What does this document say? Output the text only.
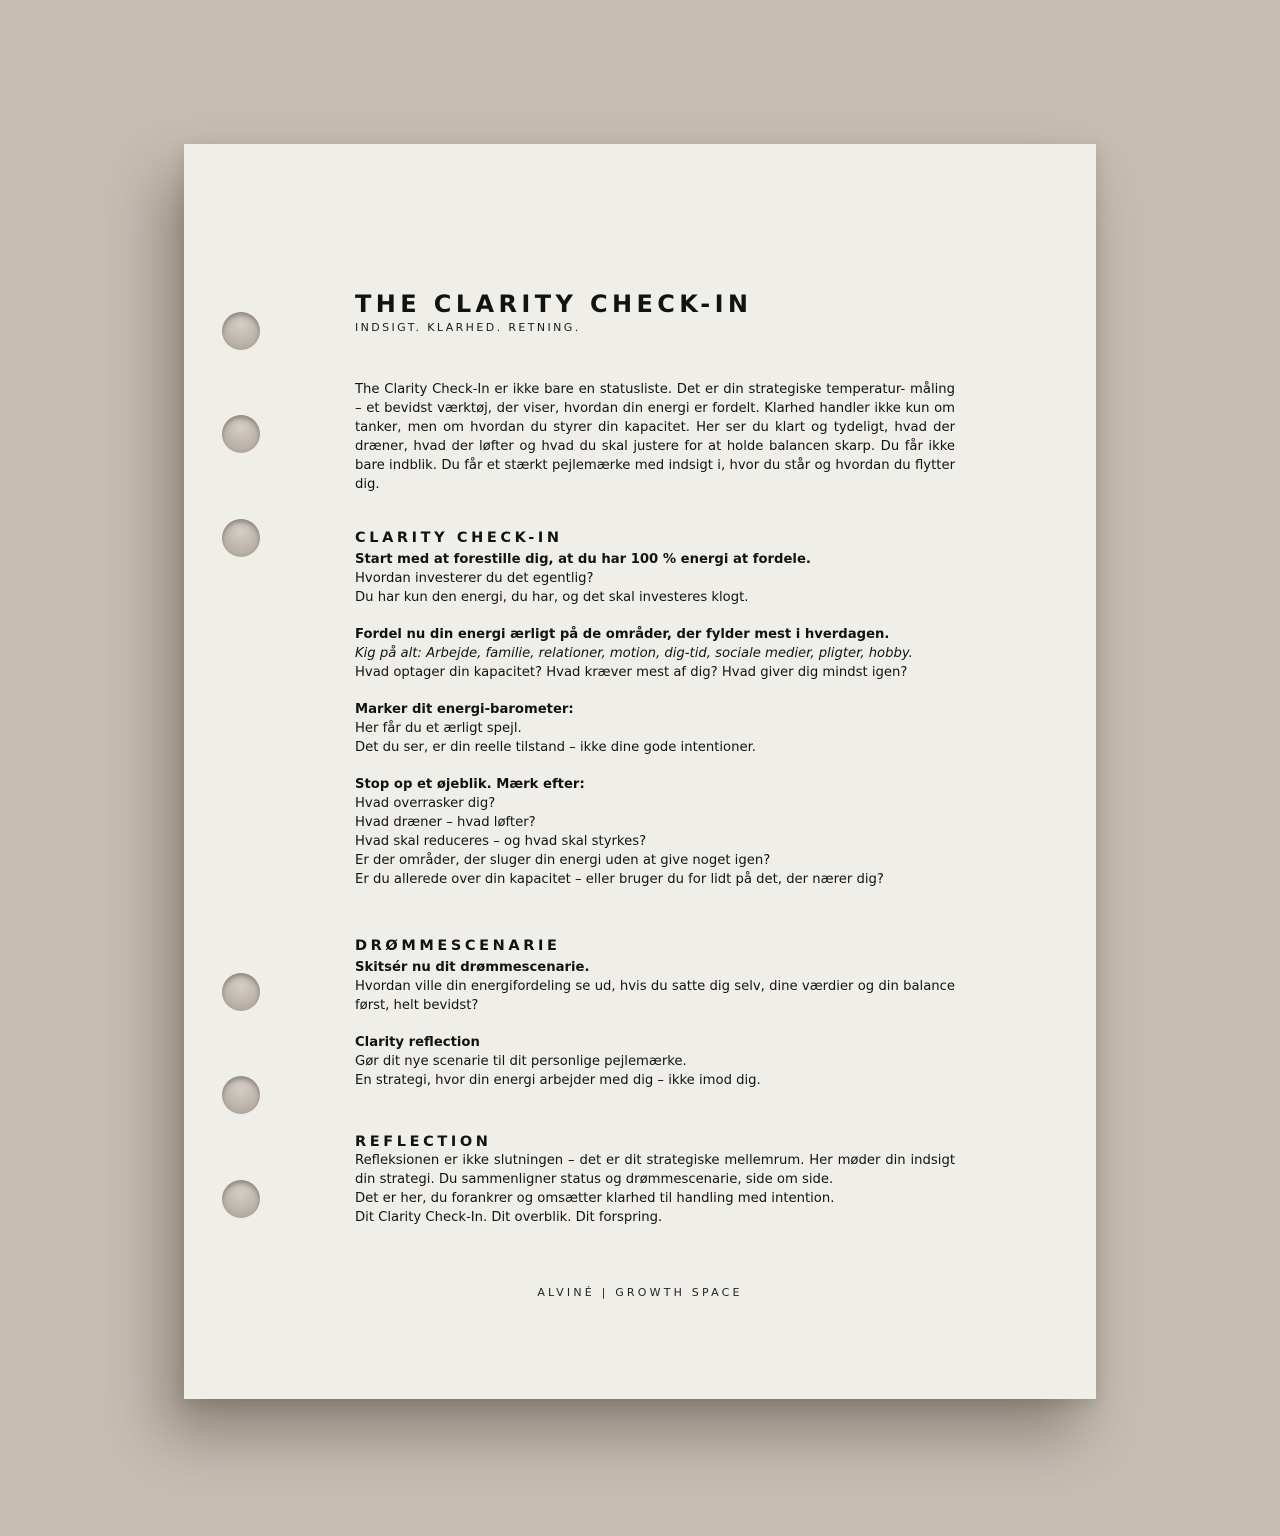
THE CLARITY CHECK-IN
INDSIGT. KLARHED. RETNING.
The Clarity Check-In er ikke bare en statusliste. Det er din strategiske temperatur- måling – et bevidst værktøj, der viser, hvordan din energi er fordelt. Klarhed handler ikke kun om tanker, men om hvordan du styrer din kapacitet. Her ser du klart og tydeligt, hvad der dræner, hvad der løfter og hvad du skal justere for at holde balancen skarp. Du får ikke bare indblik. Du får et stærkt pejlemærke med indsigt i, hvor du står og hvordan du flytter dig.
CLARITY CHECK-IN
Start med at forestille dig, at du har 100 % energi at fordele.
Hvordan investerer du det egentlig?
Du har kun den energi, du har, og det skal investeres klogt.
Fordel nu din energi ærligt på de områder, der fylder mest i hverdagen.
Kig på alt: Arbejde, familie, relationer, motion, dig-tid, sociale medier, pligter, hobby.
Hvad optager din kapacitet? Hvad kræver mest af dig? Hvad giver dig mindst igen?
Marker dit energi-barometer:
Her får du et ærligt spejl.
Det du ser, er din reelle tilstand – ikke dine gode intentioner.
Stop op et øjeblik. Mærk efter:
Hvad overrasker dig?
Hvad dræner – hvad løfter?
Hvad skal reduceres – og hvad skal styrkes?
Er der områder, der sluger din energi uden at give noget igen?
Er du allerede over din kapacitet – eller bruger du for lidt på det, der nærer dig?
DRØMMESCENARIE
Skitsér nu dit drømmescenarie.
Hvordan ville din energifordeling se ud, hvis du satte dig selv, dine værdier og din balance først, helt bevidst?
Clarity reflection
Gør dit nye scenarie til dit personlige pejlemærke.
En strategi, hvor din energi arbejder med dig – ikke imod dig.
REFLECTION
Refleksionen er ikke slutningen – det er dit strategiske mellemrum. Her møder din indsigt din strategi. Du sammenligner status og drømmescenarie, side om side.
Det er her, du forankrer og omsætter klarhed til handling med intention.
Dit Clarity Check-In. Dit overblik. Dit forspring.
ALVINÉ | GROWTH SPACE
